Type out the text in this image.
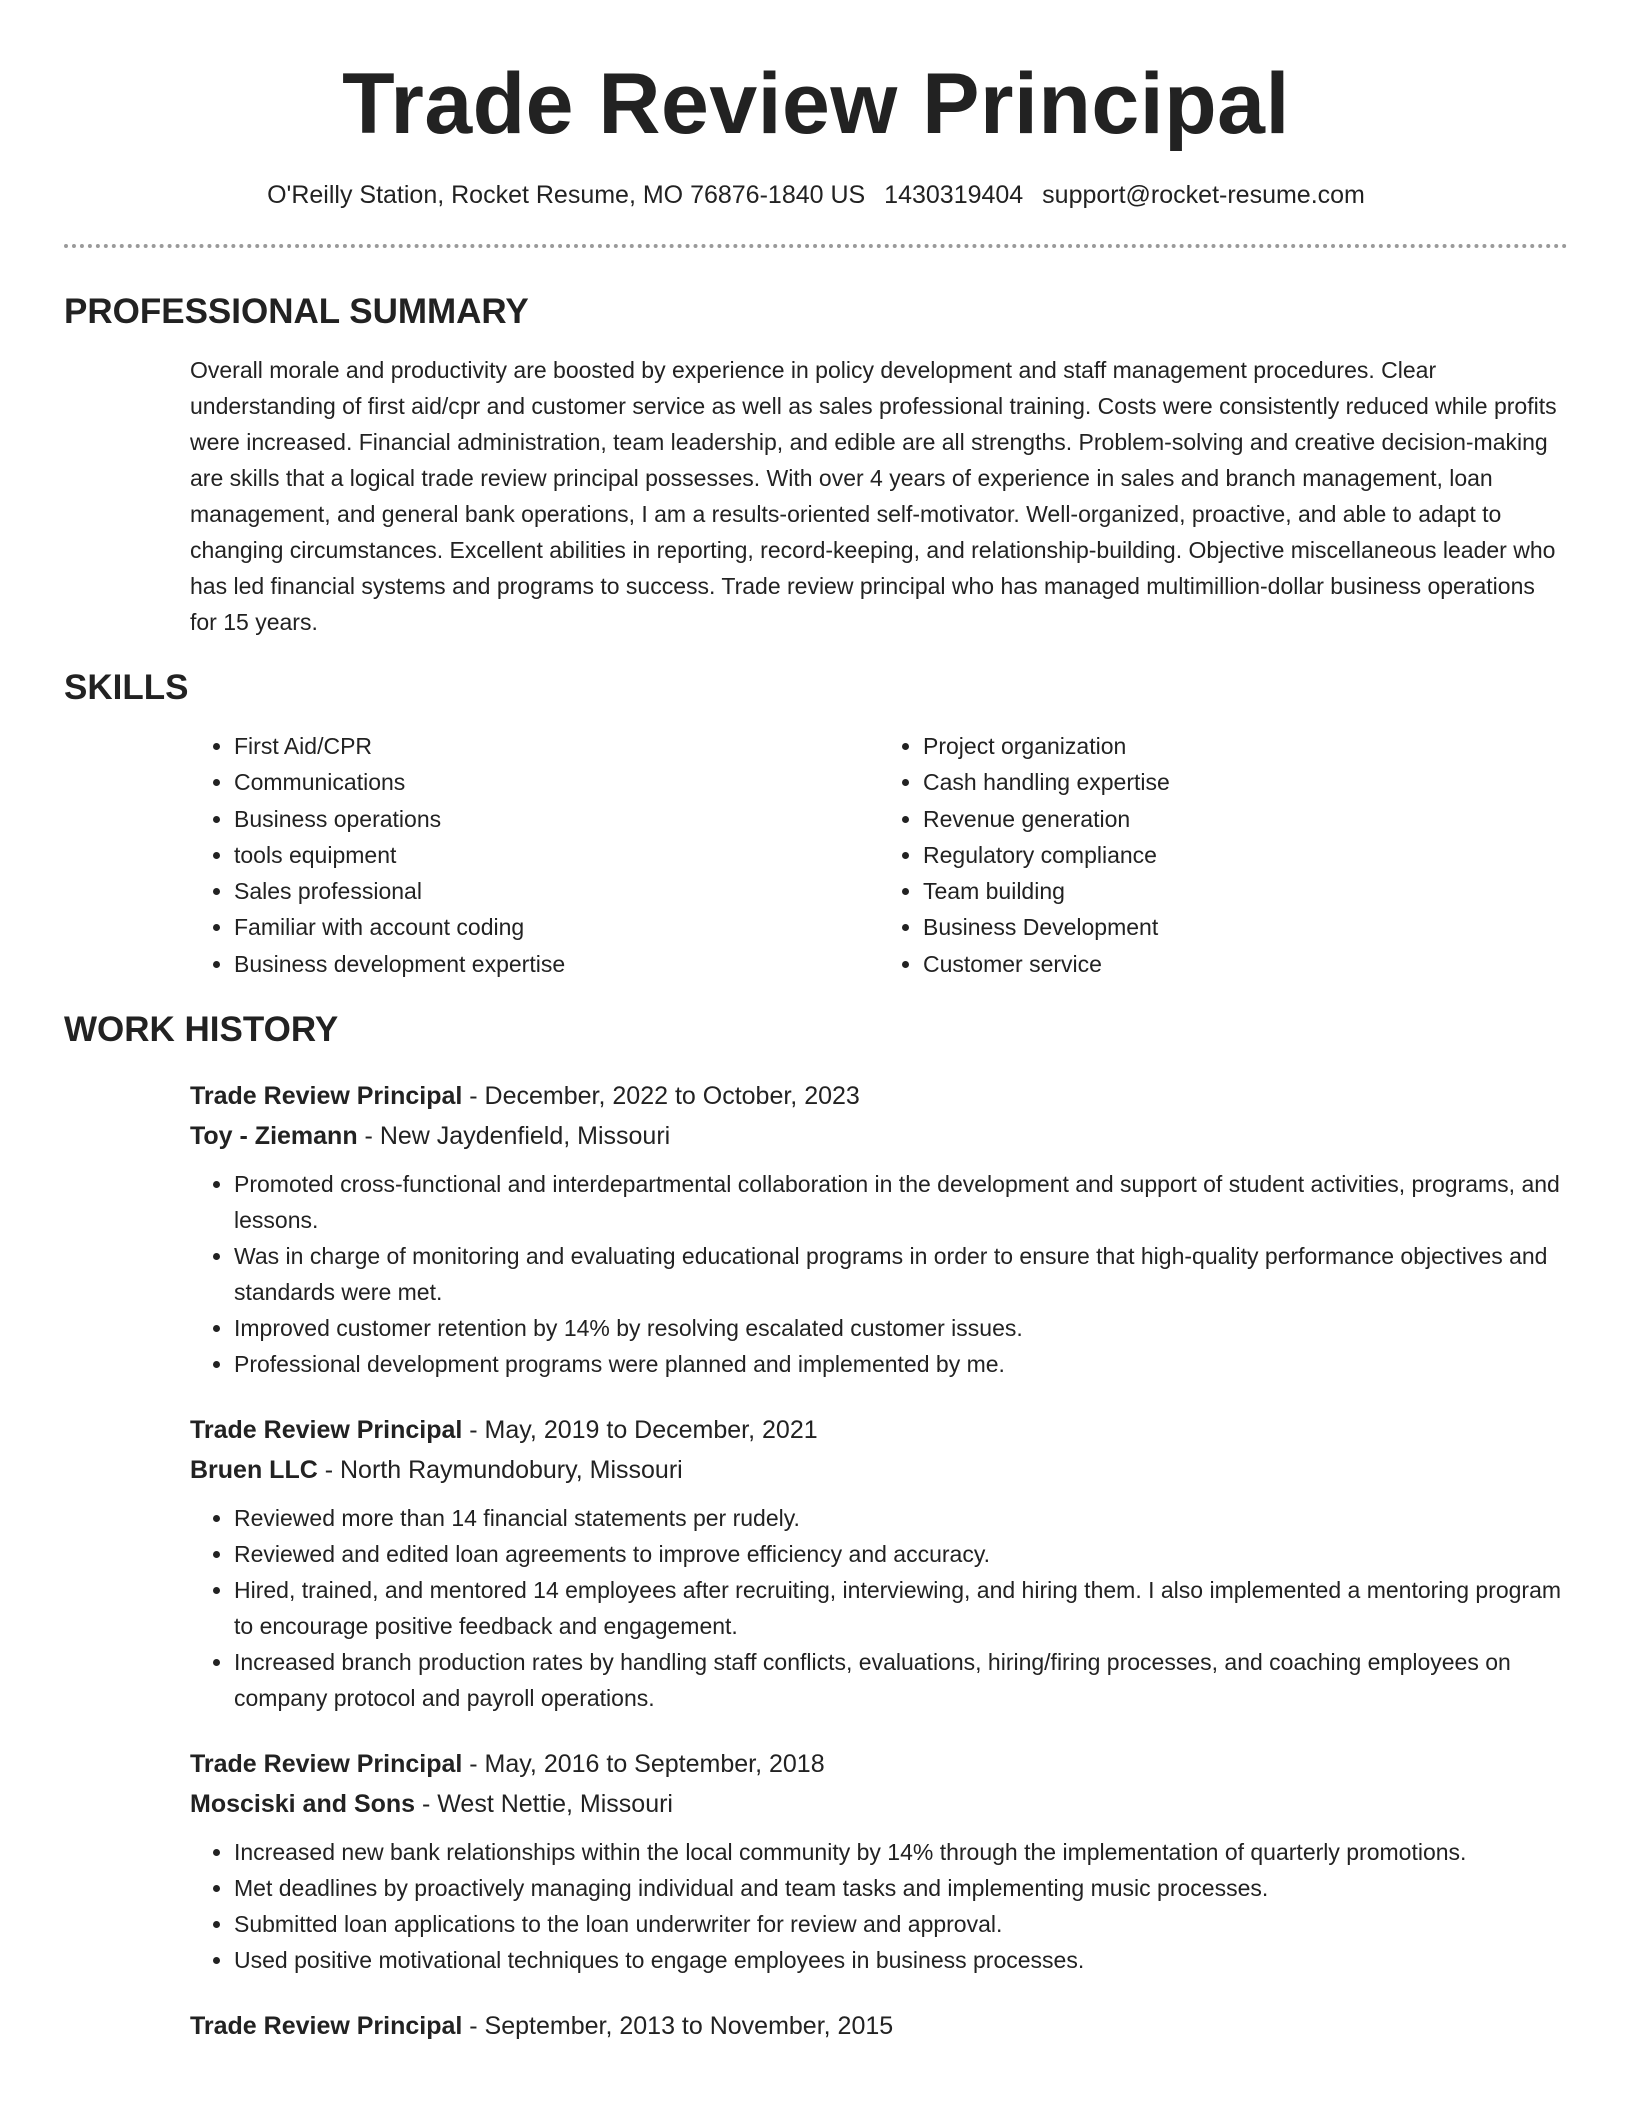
Trade Review Principal
O'Reilly Station, Rocket Resume, MO 76876-1840 US 1430319404 support@rocket-resume.com
PROFESSIONAL SUMMARY
Overall morale and productivity are boosted by experience in policy development and staff management procedures. Clear understanding of first aid/cpr and customer service as well as sales professional training. Costs were consistently reduced while profits were increased. Financial administration, team leadership, and edible are all strengths. Problem-solving and creative decision-making are skills that a logical trade review principal possesses. With over 4 years of experience in sales and branch management, loan management, and general bank operations, I am a results-oriented self-motivator. Well-organized, proactive, and able to adapt to changing circumstances. Excellent abilities in reporting, record-keeping, and relationship-building. Objective miscellaneous leader who has led financial systems and programs to success. Trade review principal who has managed multimillion-dollar business operations for 15 years.
SKILLS
• First Aid/CPR
• Communications
• Business operations
• tools equipment
• Sales professional
• Familiar with account coding
• Business development expertise
• Project organization
• Cash handling expertise
• Revenue generation
• Regulatory compliance
• Team building
• Business Development
• Customer service
WORK HISTORY
Trade Review Principal - December, 2022 to October, 2023
Toy - Ziemann - New Jaydenfield, Missouri
• Promoted cross-functional and interdepartmental collaboration in the development and support of student activities, programs, and lessons.
• Was in charge of monitoring and evaluating educational programs in order to ensure that high-quality performance objectives and standards were met.
• Improved customer retention by 14% by resolving escalated customer issues.
• Professional development programs were planned and implemented by me.
Trade Review Principal - May, 2019 to December, 2021
Bruen LLC - North Raymundobury, Missouri
• Reviewed more than 14 financial statements per rudely.
• Reviewed and edited loan agreements to improve efficiency and accuracy.
• Hired, trained, and mentored 14 employees after recruiting, interviewing, and hiring them. I also implemented a mentoring program to encourage positive feedback and engagement.
• Increased branch production rates by handling staff conflicts, evaluations, hiring/firing processes, and coaching employees on company protocol and payroll operations.
Trade Review Principal - May, 2016 to September, 2018
Mosciski and Sons - West Nettie, Missouri
• Increased new bank relationships within the local community by 14% through the implementation of quarterly promotions.
• Met deadlines by proactively managing individual and team tasks and implementing music processes.
• Submitted loan applications to the loan underwriter for review and approval.
• Used positive motivational techniques to engage employees in business processes.
Trade Review Principal - September, 2013 to November, 2015
